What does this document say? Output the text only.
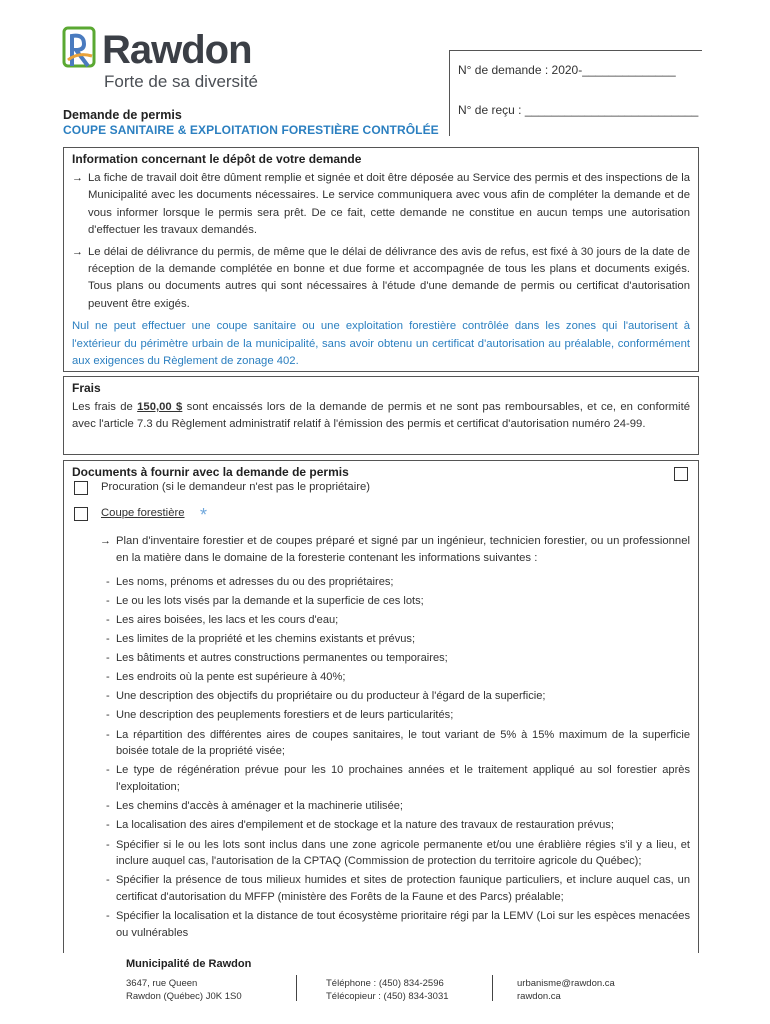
Rawdon
Forte de sa diversité
N° de demande : 2020-______________
N° de reçu : __________________________
Demande de permis
COUPE SANITAIRE & EXPLOITATION FORESTIÈRE CONTRÔLÉE
Information concernant le dépôt de votre demande
→ La fiche de travail doit être dûment remplie et signée et doit être déposée au Service des permis et des inspections de la Municipalité avec les documents nécessaires. Le service communiquera avec vous afin de compléter la demande et de vous informer lorsque le permis sera prêt. De ce fait, cette demande ne constitue en aucun temps une autorisation d'effectuer les travaux demandés.

→ Le délai de délivrance du permis, de même que le délai de délivrance des avis de refus, est fixé à 30 jours de la date de réception de la demande complétée en bonne et due forme et accompagnée de tous les plans et documents exigés. Tous plans ou documents autres qui sont nécessaires à l'étude d'une demande de permis ou certificat d'autorisation peuvent être exigés.

Nul ne peut effectuer une coupe sanitaire ou une exploitation forestière contrôlée dans les zones qui l'autorisent à l'extérieur du périmètre urbain de la municipalité, sans avoir obtenu un certificat d'autorisation au préalable, conformément aux exigences du Règlement de zonage 402.

Frais

Les frais de 150,00 $ sont encaissés lors de la demande de permis et ne sont pas remboursables, et ce, en conformité avec l'article 7.3 du Règlement administratif relatif à l'émission des permis et certificat d'autorisation numéro 24-99.

Documents à fournir avec la demande de permis
Procuration (si le demandeur n'est pas le propriétaire)
Coupe forestière *
→ Plan d'inventaire forestier et de coupes préparé et signé par un ingénieur, technicien forestier, ou un professionnel en la matière dans le domaine de la foresterie contenant les informations suivantes :

- Les noms, prénoms et adresses du ou des propriétaires;
- Le ou les lots visés par la demande et la superficie de ces lots;
- Les aires boisées, les lacs et les cours d'eau;
- Les limites de la propriété et les chemins existants et prévus;
- Les bâtiments et autres constructions permanentes ou temporaires;
- Les endroits où la pente est supérieure à 40%;
- Une description des objectifs du propriétaire ou du producteur à l'égard de la superficie;
- Une description des peuplements forestiers et de leurs particularités;
- La répartition des différentes aires de coupes sanitaires, le tout variant de 5% à 15% maximum de la superficie boisée totale de la propriété visée;
- Le type de régénération prévue pour les 10 prochaines années et le traitement appliqué au sol forestier après l'exploitation;
- Les chemins d'accès à aménager et la machinerie utilisée;
- La localisation des aires d'empilement et de stockage et la nature des travaux de restauration prévus;
- Spécifier si le ou les lots sont inclus dans une zone agricole permanente et/ou une érablière régies s'il y a lieu, et inclure auquel cas, l'autorisation de la CPTAQ (Commission de protection du territoire agricole du Québec);
- Spécifier la présence de tous milieux humides et sites de protection faunique particuliers, et inclure auquel cas, un certificat d'autorisation du MFFP (ministère des Forêts de la Faune et des Parcs) préalable;
- Spécifier la localisation et la distance de tout écosystème prioritaire régi par la LEMV (Loi sur les espèces menacées ou vulnérables
Municipalité de Rawdon
3647, rue Queen
Rawdon (Québec) J0K 1S0
Téléphone : (450) 834-2596
Télécopieur : (450) 834-3031
urbanisme@rawdon.ca
rawdon.ca
